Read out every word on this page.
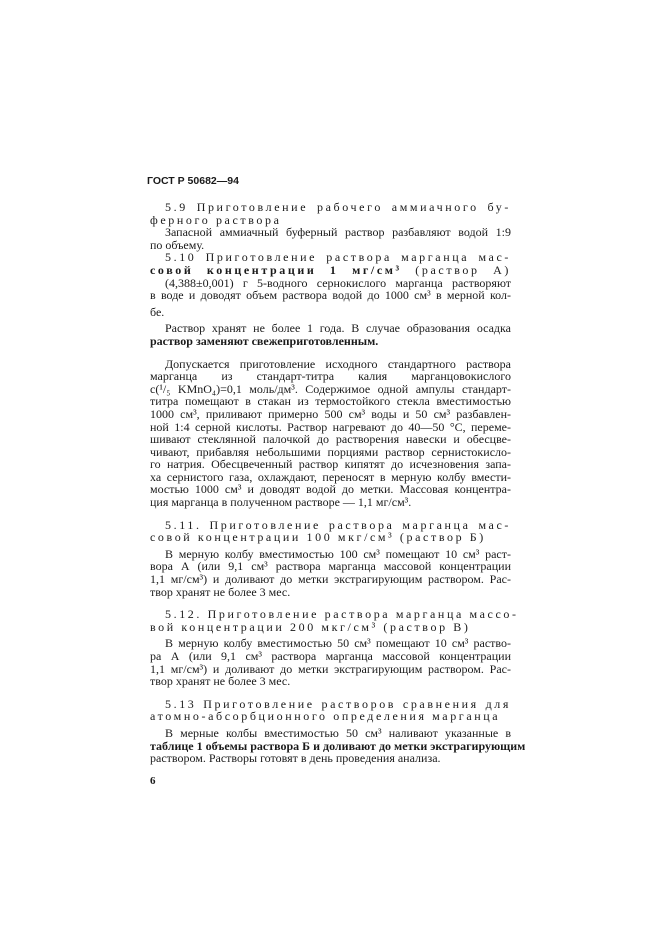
ГОСТ Р 50682—94
5.9 Приготовление рабочего аммиачного бу-
ферного раствора
Запасной аммиачный буферный раствор разбавляют водой 1:9
по объему.
5.10 Приготовление раствора марганца мас-
совой концентрации 1 мг/см³ (раствор А)
(4,388±0,001) г 5-водного сернокислого марганца растворяют
в воде и доводят объем раствора водой до 1000 см³ в мерной кол-
бе.
Раствор хранят не более 1 года. В случае образования осадка
раствор заменяют свежеприготовленным.
Допускается приготовление исходного стандартного раствора
марганца из стандарт-титра калия марганцовокислого
c(¹/₅ KMnO₄)=0,1 моль/дм³. Содержимое одной ампулы стандарт-
титра помещают в стакан из термостойкого стекла вместимостью
1000 см³, приливают примерно 500 см³ воды и 50 см³ разбавлен-
ной 1:4 серной кислоты. Раствор нагревают до 40—50 °С, переме-
шивают стеклянной палочкой до растворения навески и обесцве-
чивают, прибавляя небольшими порциями раствор сернистокисло-
го натрия. Обесцвеченный раствор кипятят до исчезновения запа-
ха сернистого газа, охлаждают, переносят в мерную колбу вмести-
мостью 1000 см³ и доводят водой до метки. Массовая концентра-
ция марганца в полученном растворе — 1,1 мг/см³.
5.11. Приготовление раствора марганца мас-
совой концентрации 100 мкг/см³ (раствор Б)
В мерную колбу вместимостью 100 см³ помещают 10 см³ раст-
вора А (или 9,1 см³ раствора марганца массовой концентрации
1,1 мг/см³) и доливают до метки экстрагирующим раствором. Рас-
твор хранят не более 3 мес.
5.12. Приготовление раствора марганца массо-
вой концентрации 200 мкг/см³ (раствор В)
В мерную колбу вместимостью 50 см³ помещают 10 см³ раство-
ра А (или 9,1 см³ раствора марганца массовой концентрации
1,1 мг/см³) и доливают до метки экстрагирующим раствором. Рас-
твор хранят не более 3 мес.
5.13 Приготовление растворов сравнения для
атомно-абсорбционного определения марганца
В мерные колбы вместимостью 50 см³ наливают указанные в
таблице 1 объемы раствора Б и доливают до метки экстрагирующим
раствором. Растворы готовят в день проведения анализа.
6
